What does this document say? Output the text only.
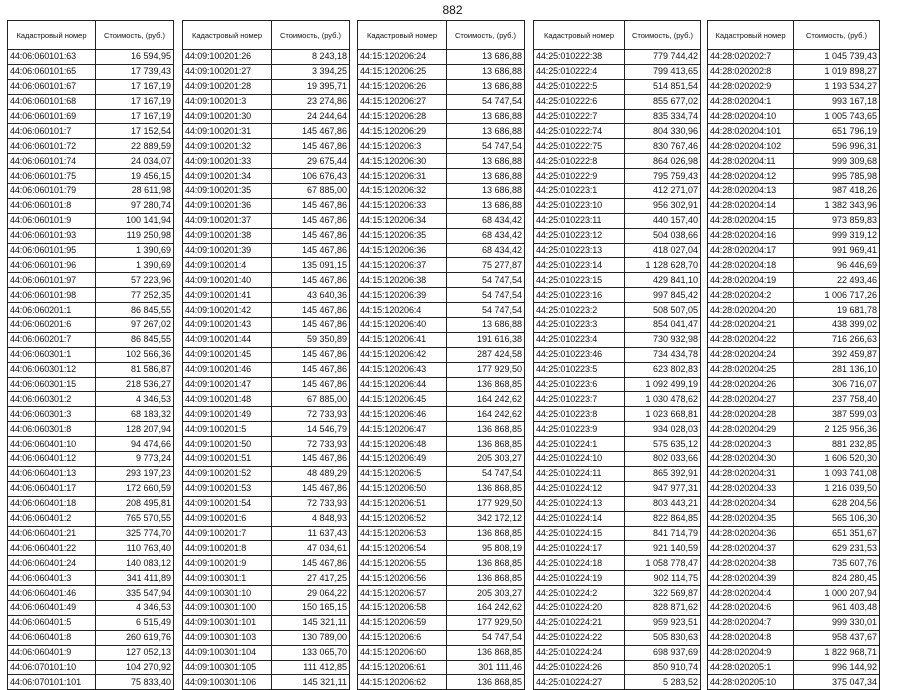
882
Кадастровый номер	Стоимость, (руб.)
44:06:060101:63	16 594,95
44:06:060101:65	17 739,43
44:06:060101:67	17 167,19
44:06:060101:68	17 167,19
44:06:060101:69	17 167,19
44:06:060101:7	17 152,54
44:06:060101:72	22 889,59
44:06:060101:74	24 034,07
44:06:060101:75	19 456,15
44:06:060101:79	28 611,98
44:06:060101:8	97 280,74
44:06:060101:9	100 141,94
44:06:060101:93	119 250,98
44:06:060101:95	1 390,69
44:06:060101:96	1 390,69
44:06:060101:97	57 223,96
44:06:060101:98	77 252,35
44:06:060201:1	86 845,55
44:06:060201:6	97 267,02
44:06:060201:7	86 845,55
44:06:060301:1	102 566,36
44:06:060301:12	81 586,87
44:06:060301:15	218 536,27
44:06:060301:2	4 346,53
44:06:060301:3	68 183,32
44:06:060301:8	128 207,94
44:06:060401:10	94 474,66
44:06:060401:12	9 773,24
44:06:060401:13	293 197,23
44:06:060401:17	172 660,59
44:06:060401:18	208 495,81
44:06:060401:2	765 570,55
44:06:060401:21	325 774,70
44:06:060401:22	110 763,40
44:06:060401:24	140 083,12
44:06:060401:3	341 411,89
44:06:060401:46	335 547,94
44:06:060401:49	4 346,53
44:06:060401:5	6 515,49
44:06:060401:8	260 619,76
44:06:060401:9	127 052,13
44:06:070101:10	104 270,92
44:06:070101:101	75 833,40
Кадастровый номер	Стоимость, (руб.)
44:09:100201:26	8 243,18
44:09:100201:27	3 394,25
44:09:100201:28	19 395,71
44:09:100201:3	23 274,86
44:09:100201:30	24 244,64
44:09:100201:31	145 467,86
44:09:100201:32	145 467,86
44:09:100201:33	29 675,44
44:09:100201:34	106 676,43
44:09:100201:35	67 885,00
44:09:100201:36	145 467,86
44:09:100201:37	145 467,86
44:09:100201:38	145 467,86
44:09:100201:39	145 467,86
44:09:100201:4	135 091,15
44:09:100201:40	145 467,86
44:09:100201:41	43 640,36
44:09:100201:42	145 467,86
44:09:100201:43	145 467,86
44:09:100201:44	59 350,89
44:09:100201:45	145 467,86
44:09:100201:46	145 467,86
44:09:100201:47	145 467,86
44:09:100201:48	67 885,00
44:09:100201:49	72 733,93
44:09:100201:5	14 546,79
44:09:100201:50	72 733,93
44:09:100201:51	145 467,86
44:09:100201:52	48 489,29
44:09:100201:53	145 467,86
44:09:100201:54	72 733,93
44:09:100201:6	4 848,93
44:09:100201:7	11 637,43
44:09:100201:8	47 034,61
44:09:100201:9	145 467,86
44:09:100301:1	27 417,25
44:09:100301:10	29 064,22
44:09:100301:100	150 165,15
44:09:100301:101	145 321,11
44:09:100301:103	130 789,00
44:09:100301:104	133 065,70
44:09:100301:105	111 412,85
44:09:100301:106	145 321,11
Кадастровый номер	Стоимость, (руб.)
44:15:120206:24	13 686,88
44:15:120206:25	13 686,88
44:15:120206:26	13 686,88
44:15:120206:27	54 747,54
44:15:120206:28	13 686,88
44:15:120206:29	13 686,88
44:15:120206:3	54 747,54
44:15:120206:30	13 686,88
44:15:120206:31	13 686,88
44:15:120206:32	13 686,88
44:15:120206:33	13 686,88
44:15:120206:34	68 434,42
44:15:120206:35	68 434,42
44:15:120206:36	68 434,42
44:15:120206:37	75 277,87
44:15:120206:38	54 747,54
44:15:120206:39	54 747,54
44:15:120206:4	54 747,54
44:15:120206:40	13 686,88
44:15:120206:41	191 616,38
44:15:120206:42	287 424,58
44:15:120206:43	177 929,50
44:15:120206:44	136 868,85
44:15:120206:45	164 242,62
44:15:120206:46	164 242,62
44:15:120206:47	136 868,85
44:15:120206:48	136 868,85
44:15:120206:49	205 303,27
44:15:120206:5	54 747,54
44:15:120206:50	136 868,85
44:15:120206:51	177 929,50
44:15:120206:52	342 172,12
44:15:120206:53	136 868,85
44:15:120206:54	95 808,19
44:15:120206:55	136 868,85
44:15:120206:56	136 868,85
44:15:120206:57	205 303,27
44:15:120206:58	164 242,62
44:15:120206:59	177 929,50
44:15:120206:6	54 747,54
44:15:120206:60	136 868,85
44:15:120206:61	301 111,46
44:15:120206:62	136 868,85
Кадастровый номер	Стоимость, (руб.)
44:25:010222:38	779 744,42
44:25:010222:4	799 413,65
44:25:010222:5	514 851,54
44:25:010222:6	855 677,02
44:25:010222:7	835 334,74
44:25:010222:74	804 330,96
44:25:010222:75	830 767,46
44:25:010222:8	864 026,98
44:25:010222:9	795 759,43
44:25:010223:1	412 271,07
44:25:010223:10	956 302,91
44:25:010223:11	440 157,40
44:25:010223:12	504 038,66
44:25:010223:13	418 027,04
44:25:010223:14	1 128 628,70
44:25:010223:15	429 841,10
44:25:010223:16	997 845,42
44:25:010223:2	508 507,05
44:25:010223:3	854 041,47
44:25:010223:4	730 932,98
44:25:010223:46	734 434,78
44:25:010223:5	623 802,83
44:25:010223:6	1 092 499,19
44:25:010223:7	1 030 478,62
44:25:010223:8	1 023 668,81
44:25:010223:9	934 028,03
44:25:010224:1	575 635,12
44:25:010224:10	802 033,66
44:25:010224:11	865 392,91
44:25:010224:12	947 977,31
44:25:010224:13	803 443,21
44:25:010224:14	822 864,85
44:25:010224:15	841 714,79
44:25:010224:17	921 140,59
44:25:010224:18	1 058 778,47
44:25:010224:19	902 114,75
44:25:010224:2	322 569,87
44:25:010224:20	828 871,62
44:25:010224:21	959 923,51
44:25:010224:22	505 830,63
44:25:010224:24	698 937,69
44:25:010224:26	850 910,74
44:25:010224:27	5 283,52
Кадастровый номер	Стоимость, (руб.)
44:28:020202:7	1 045 739,43
44:28:020202:8	1 019 898,27
44:28:020202:9	1 193 534,27
44:28:020204:1	993 167,18
44:28:020204:10	1 005 743,65
44:28:020204:101	651 796,19
44:28:020204:102	596 996,31
44:28:020204:11	999 309,68
44:28:020204:12	995 785,98
44:28:020204:13	987 418,26
44:28:020204:14	1 382 343,96
44:28:020204:15	973 859,83
44:28:020204:16	999 319,12
44:28:020204:17	991 969,41
44:28:020204:18	96 446,69
44:28:020204:19	22 493,46
44:28:020204:2	1 006 717,26
44:28:020204:20	19 681,78
44:28:020204:21	438 399,02
44:28:020204:22	716 266,63
44:28:020204:24	392 459,87
44:28:020204:25	281 136,10
44:28:020204:26	306 716,07
44:28:020204:27	237 758,40
44:28:020204:28	387 599,03
44:28:020204:29	2 125 956,36
44:28:020204:3	881 232,85
44:28:020204:30	1 606 520,30
44:28:020204:31	1 093 741,08
44:28:020204:33	1 216 039,50
44:28:020204:34	628 204,56
44:28:020204:35	565 106,30
44:28:020204:36	651 351,67
44:28:020204:37	629 231,53
44:28:020204:38	735 607,76
44:28:020204:39	824 280,45
44:28:020204:4	1 000 207,94
44:28:020204:6	961 403,48
44:28:020204:7	999 330,01
44:28:020204:8	958 437,67
44:28:020204:9	1 822 968,71
44:28:020205:1	996 144,92
44:28:020205:10	375 047,34
